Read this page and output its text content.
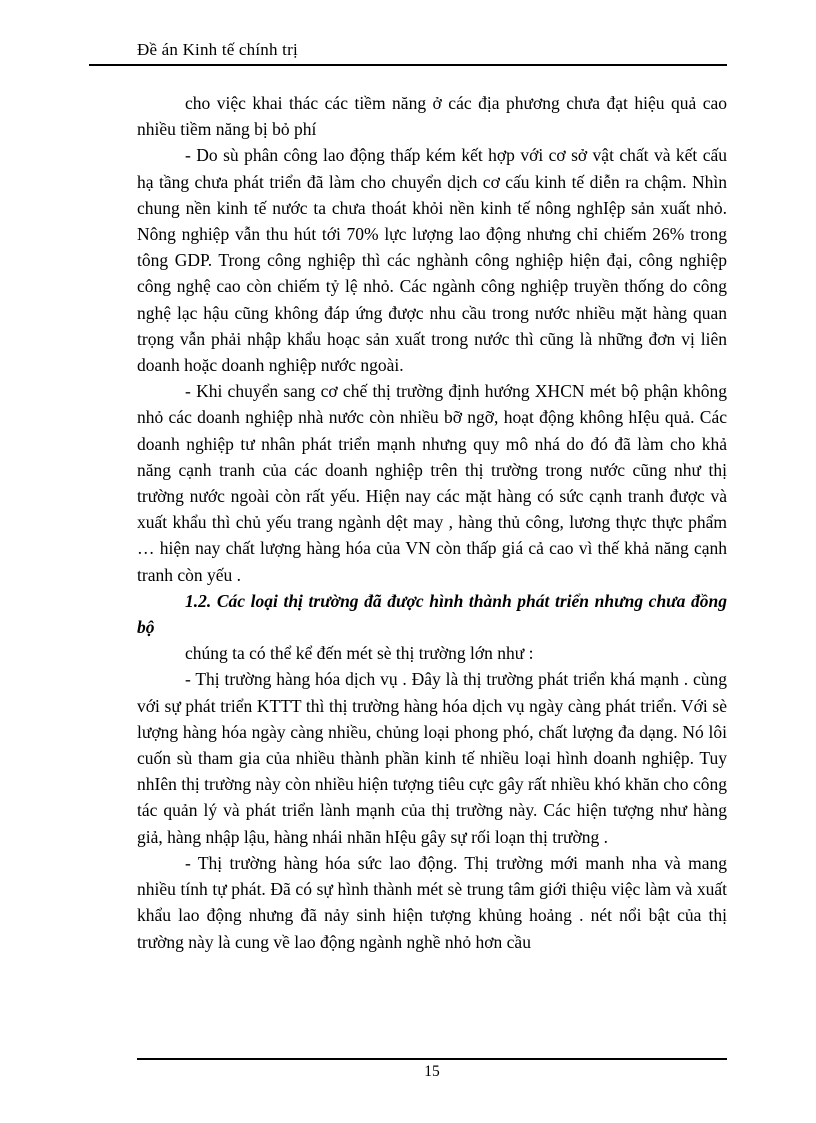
Đề án Kinh tế chính trị

cho việc khai thác các tiềm năng ở các địa phương chưa đạt hiệu quả cao nhiều tiềm năng bị bỏ phí

- Do sù phân công lao động thấp kém kết hợp với cơ sở vật chất và kết cấu hạ tầng chưa phát triển đã làm cho chuyển dịch cơ cấu kinh tế diễn ra chậm. Nhìn chung nền kinh tế nước ta chưa thoát khỏi nền kinh tế nông nghIệp sản xuất nhỏ. Nông nghiệp vẫn thu hút tới 70% lực lượng lao động nhưng chỉ chiếm 26% trong tông GDP. Trong công nghiệp thì các nghành công nghiệp hiện đại, công nghiệp công nghệ cao còn chiếm tỷ lệ nhỏ. Các ngành công nghiệp truyền thống do công nghệ lạc hậu cũng không đáp ứng được nhu cầu trong nước nhiều mặt hàng quan trọng vẫn phải nhập khẩu hoạc sản xuất trong nước thì cũng là những đơn vị liên doanh hoặc doanh nghiệp nước ngoài.

- Khi chuyển sang cơ chế thị trường định hướng XHCN mét bộ phận không nhỏ các doanh nghiệp nhà nước còn nhiều bỡ ngỡ, hoạt động không hIệu quả. Các doanh nghiệp tư nhân phát triển mạnh nhưng quy mô nhá do đó đã làm cho khả năng cạnh tranh của các doanh nghiệp trên thị trường trong nước cũng như thị trường nước ngoài còn rất yếu. Hiện nay các mặt hàng có sức cạnh tranh được và xuất khẩu thì chủ yếu trang ngành dệt may , hàng thủ công, lương thực thực phẩm … hiện nay chất lượng hàng hóa của VN còn thấp giá cả cao vì thế khả năng cạnh tranh còn yếu .

1.2. Các loại thị trường đã được hình thành phát triển nhưng chưa đồng bộ

chúng ta có thể kể đến mét sè thị trường lớn như :

- Thị trường hàng hóa dịch vụ . Đây là thị trường phát triển khá mạnh . cùng với sự phát triển KTTT thì thị trường hàng hóa dịch vụ ngày càng phát triển. Với sè lượng hàng hóa ngày càng nhiều, chủng loại phong phó, chất lượng đa dạng. Nó lôi cuốn sù tham gia của nhiều thành phần kinh tế nhiều loại hình doanh nghiệp. Tuy nhIên thị trường này còn nhiều hiện tượng tiêu cực gây rất nhiều khó khăn cho công tác quản lý và phát triển lành mạnh của thị trường này. Các hiện tượng như hàng giả, hàng nhập lậu, hàng nhái nhãn hIệu gây sự rối loạn thị trường .

- Thị trường hàng hóa sức lao động. Thị trường mới manh nha và mang nhiều tính tự phát. Đã có sự hình thành mét sè trung tâm giới thiệu việc làm và xuất khẩu lao động nhưng đã nảy sinh hiện tượng khủng hoảng . nét nổi bật của thị trường này là cung về lao động ngành nghề nhỏ hơn cầu

15
